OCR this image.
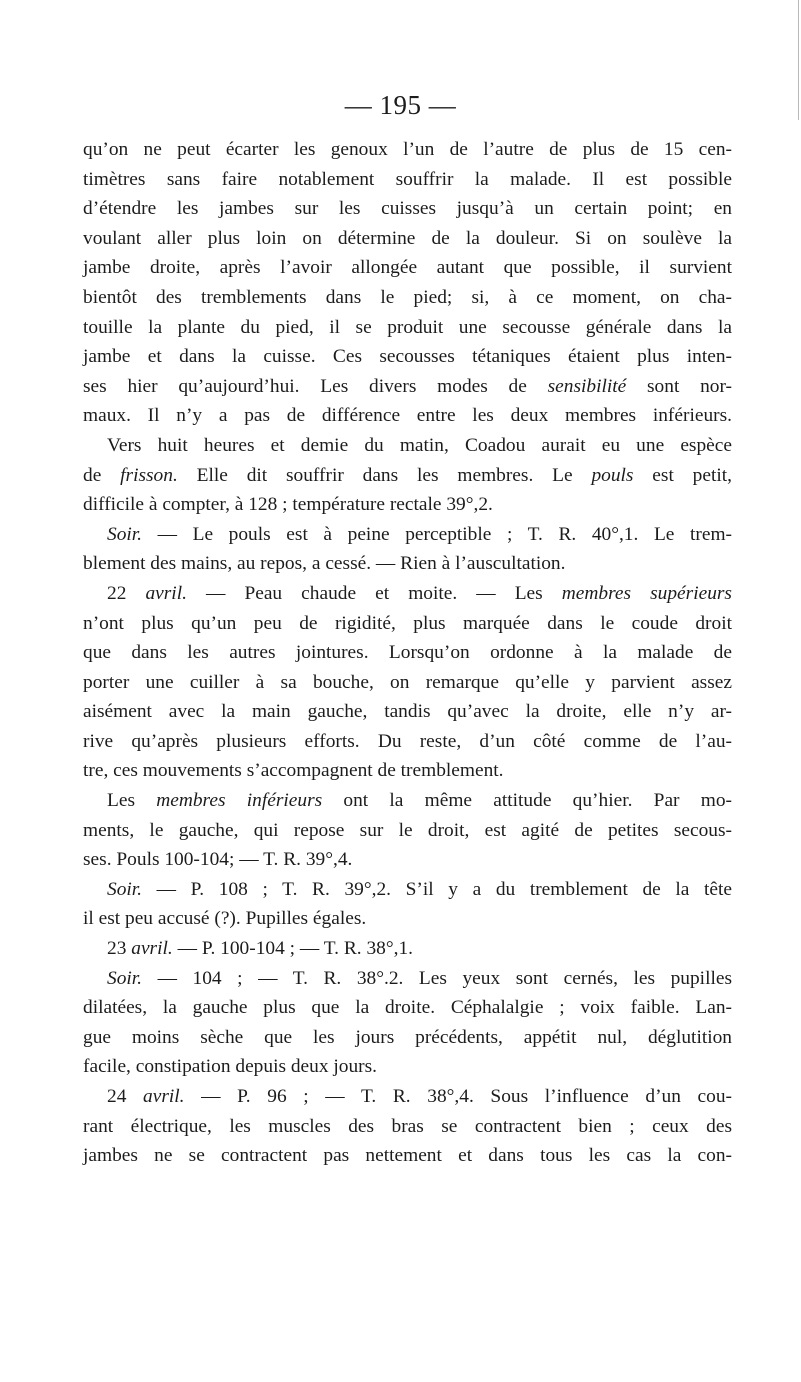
— 195 —
qu’on ne peut écarter les genoux l’un de l’autre de plus de 15 cen-
timètres sans faire notablement souffrir la malade. Il est possible
d’étendre les jambes sur les cuisses jusqu’à un certain point; en
voulant aller plus loin on détermine de la douleur. Si on soulève la
jambe droite, après l’avoir allongée autant que possible, il survient
bientôt des tremblements dans le pied; si, à ce moment, on cha-
touille la plante du pied, il se produit une secousse générale dans la
jambe et dans la cuisse. Ces secousses tétaniques étaient plus inten-
ses hier qu’aujourd’hui. Les divers modes de sensibilité sont nor-
maux. Il n’y a pas de différence entre les deux membres inférieurs.
Vers huit heures et demie du matin, Coadou aurait eu une espèce
de frisson. Elle dit souffrir dans les membres. Le pouls est petit,
difficile à compter, à 128 ; température rectale 39°,2.
Soir. — Le pouls est à peine perceptible ; T. R. 40°,1. Le trem-
blement des mains, au repos, a cessé. — Rien à l’auscultation.
22 avril. — Peau chaude et moite. — Les membres supérieurs
n’ont plus qu’un peu de rigidité, plus marquée dans le coude droit
que dans les autres jointures. Lorsqu’on ordonne à la malade de
porter une cuiller à sa bouche, on remarque qu’elle y parvient assez
aisément avec la main gauche, tandis qu’avec la droite, elle n’y ar-
rive qu’après plusieurs efforts. Du reste, d’un côté comme de l’au-
tre, ces mouvements s’accompagnent de tremblement.
Les membres inférieurs ont la même attitude qu’hier. Par mo-
ments, le gauche, qui repose sur le droit, est agité de petites secous-
ses. Pouls 100-104; — T. R. 39°,4.
Soir. — P. 108 ; T. R. 39°,2. S’il y a du tremblement de la tête
il est peu accusé (?). Pupilles égales.
23 avril. — P. 100-104 ; — T. R. 38°,1.
Soir. — 104 ; — T. R. 38°.2. Les yeux sont cernés, les pupilles
dilatées, la gauche plus que la droite. Céphalalgie ; voix faible. Lan-
gue moins sèche que les jours précédents, appétit nul, déglutition
facile, constipation depuis deux jours.
24 avril. — P. 96 ; — T. R. 38°,4. Sous l’influence d’un cou-
rant électrique, les muscles des bras se contractent bien ; ceux des
jambes ne se contractent pas nettement et dans tous les cas la con-
